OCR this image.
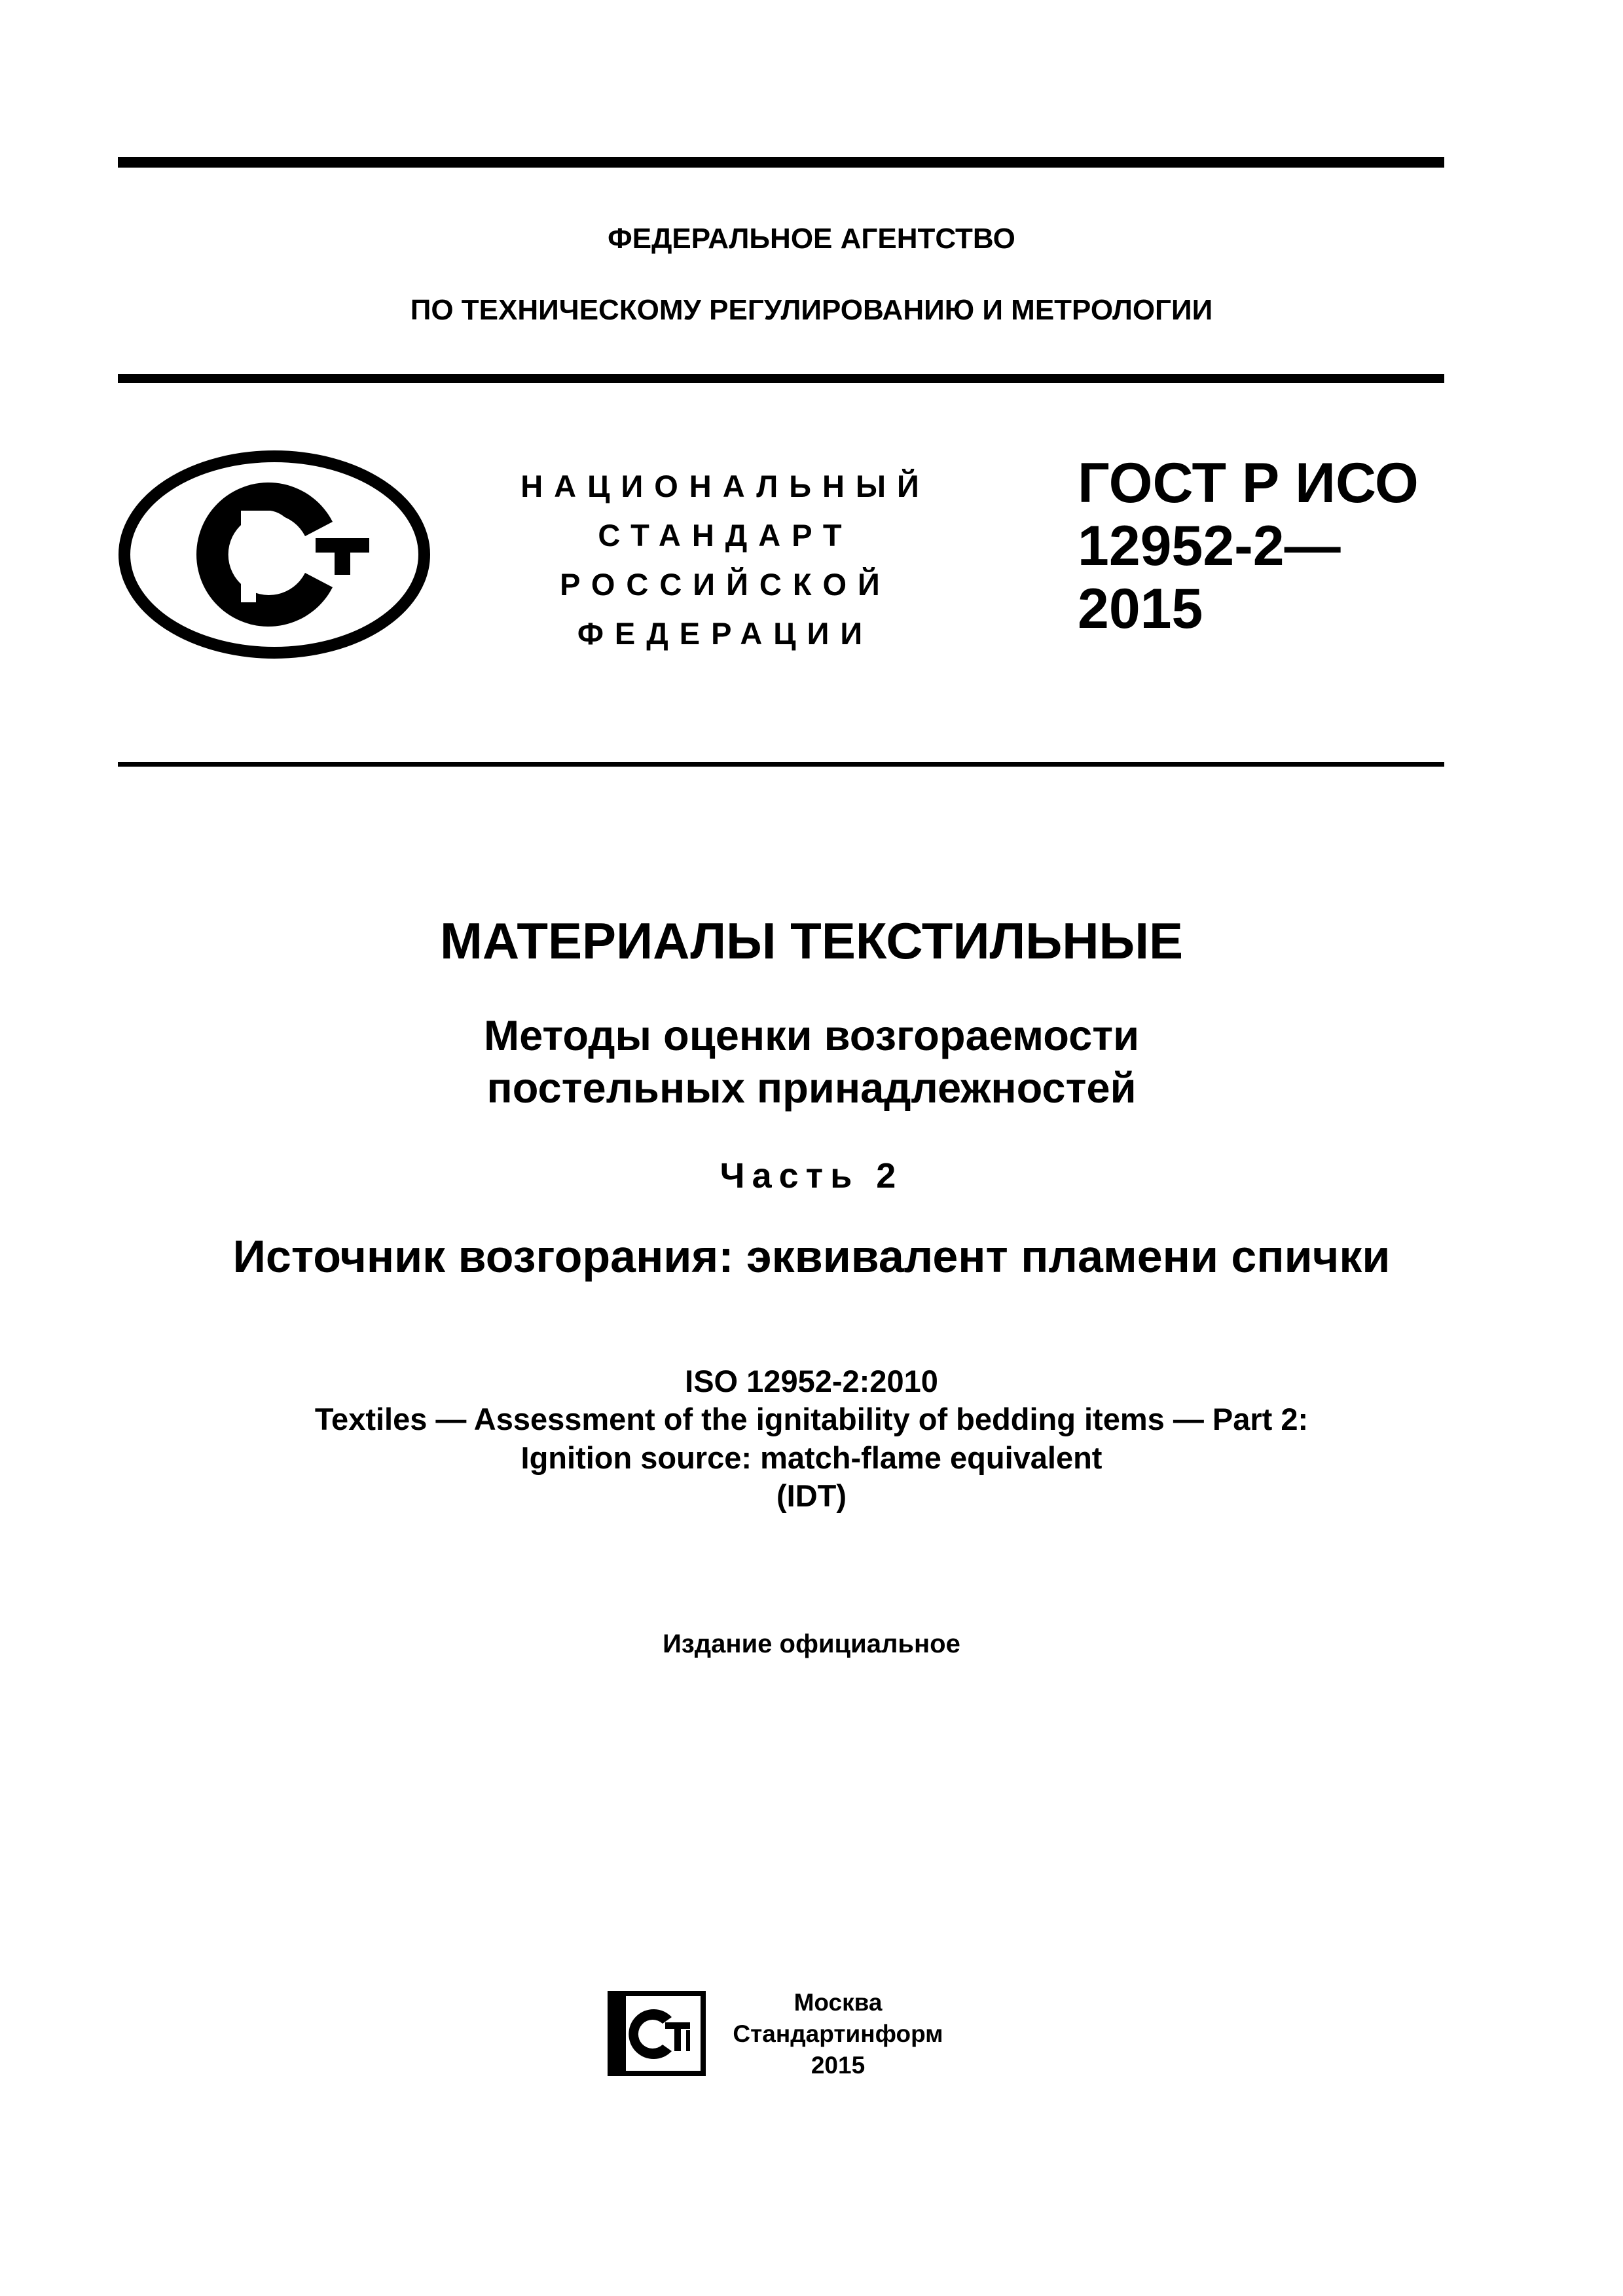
ФЕДЕРАЛЬНОЕ АГЕНТСТВО
ПО ТЕХНИЧЕСКОМУ РЕГУЛИРОВАНИЮ И МЕТРОЛОГИИ
НАЦИОНАЛЬНЫЙ
СТАНДАРТ
РОССИЙСКОЙ
ФЕДЕРАЦИИ
ГОСТ Р ИСО
12952-2—
2015
МАТЕРИАЛЫ ТЕКСТИЛЬНЫЕ
Методы оценки возгораемости
постельных принадлежностей
Часть 2
Источник возгорания: эквивалент пламени спички
ISO 12952-2:2010
Textiles — Assessment of the ignitability of bedding items — Part 2:
Ignition source: match-flame equivalent
(IDT)
Издание официальное
Москва
Стандартинформ
2015
